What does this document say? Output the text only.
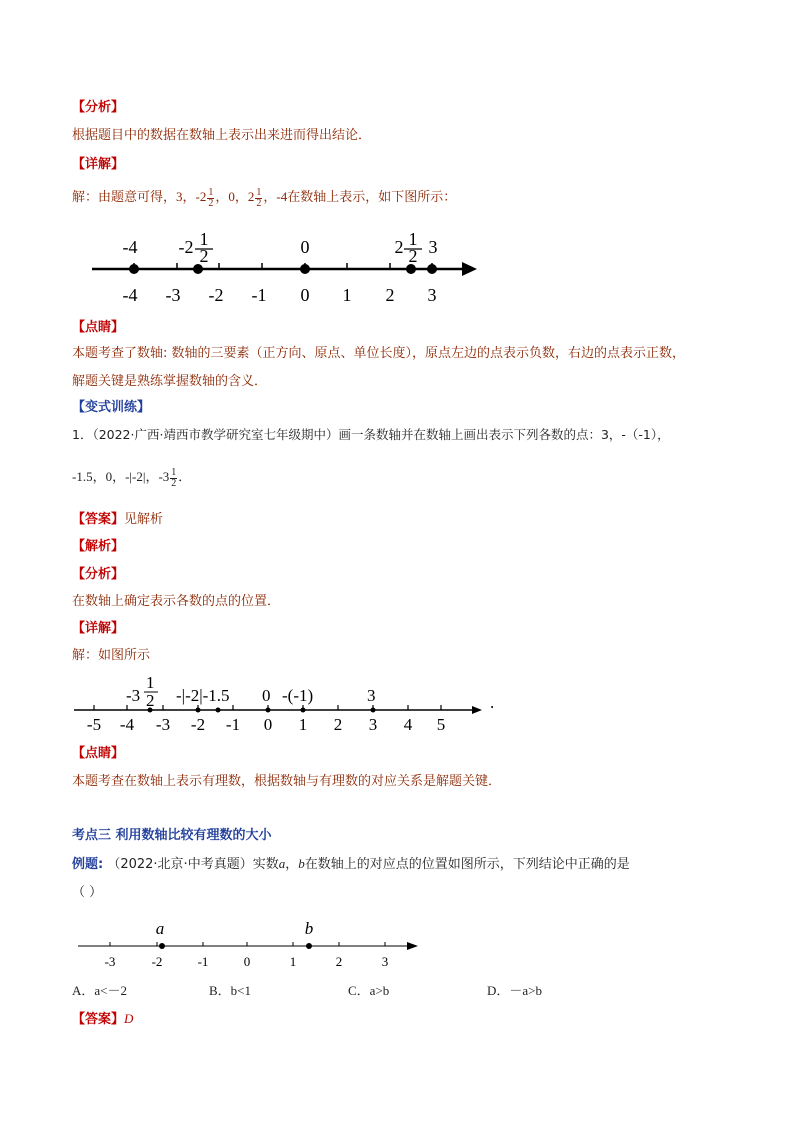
【分析】
根据题目中的数据在数轴上表示出来进而得出结论．
【详解】
解：由题意可得，3，$-2 \frac{1}{2}$ ，0，$2 \frac{1}{2}$ ，-4在数轴上表示，如下图所示：
-4 -2 1
2	0	2 1
2 3
-4 -3 -2 -1 0 1 2 3
【点睛】
本题考查了数轴: 数轴的三要素（正方向、原点、单位长度），原点左边的点表示负数，右边的点表示正数，
解题关键是熟练掌握数轴的含义．
【变式训练】
1．（2022·广西·靖西市教学研究室七年级期中）画一条数轴并在数轴上画出表示下列各数的点：3，-（-1），
-1.5，0，-|-2|，$-3 \frac{1}{2}$ ．
【答案】见解析
【解析】
【分析】
在数轴上确定表示各数的点的位置．
【详解】
解：如图所示
-3
1
2 -|-2|-1.5 0 -(-1)	3
-5 -4 -3 -2 -1 0 1 2 3 4 5
.
【点睛】
本题考查在数轴上表示有理数，根据数轴与有理数的对应关系是解题关键．
考点三 利用数轴比较有理数的大小
例题: （2022·北京·中考真题）实数a，b在数轴上的对应点的位置如图所示，下列结论中正确的是
（ ）
a	b
-3	-2	-1	0	1	2	3
A．a<－2	B．b<1	C．a>b	D．－a>b
【答案】D
